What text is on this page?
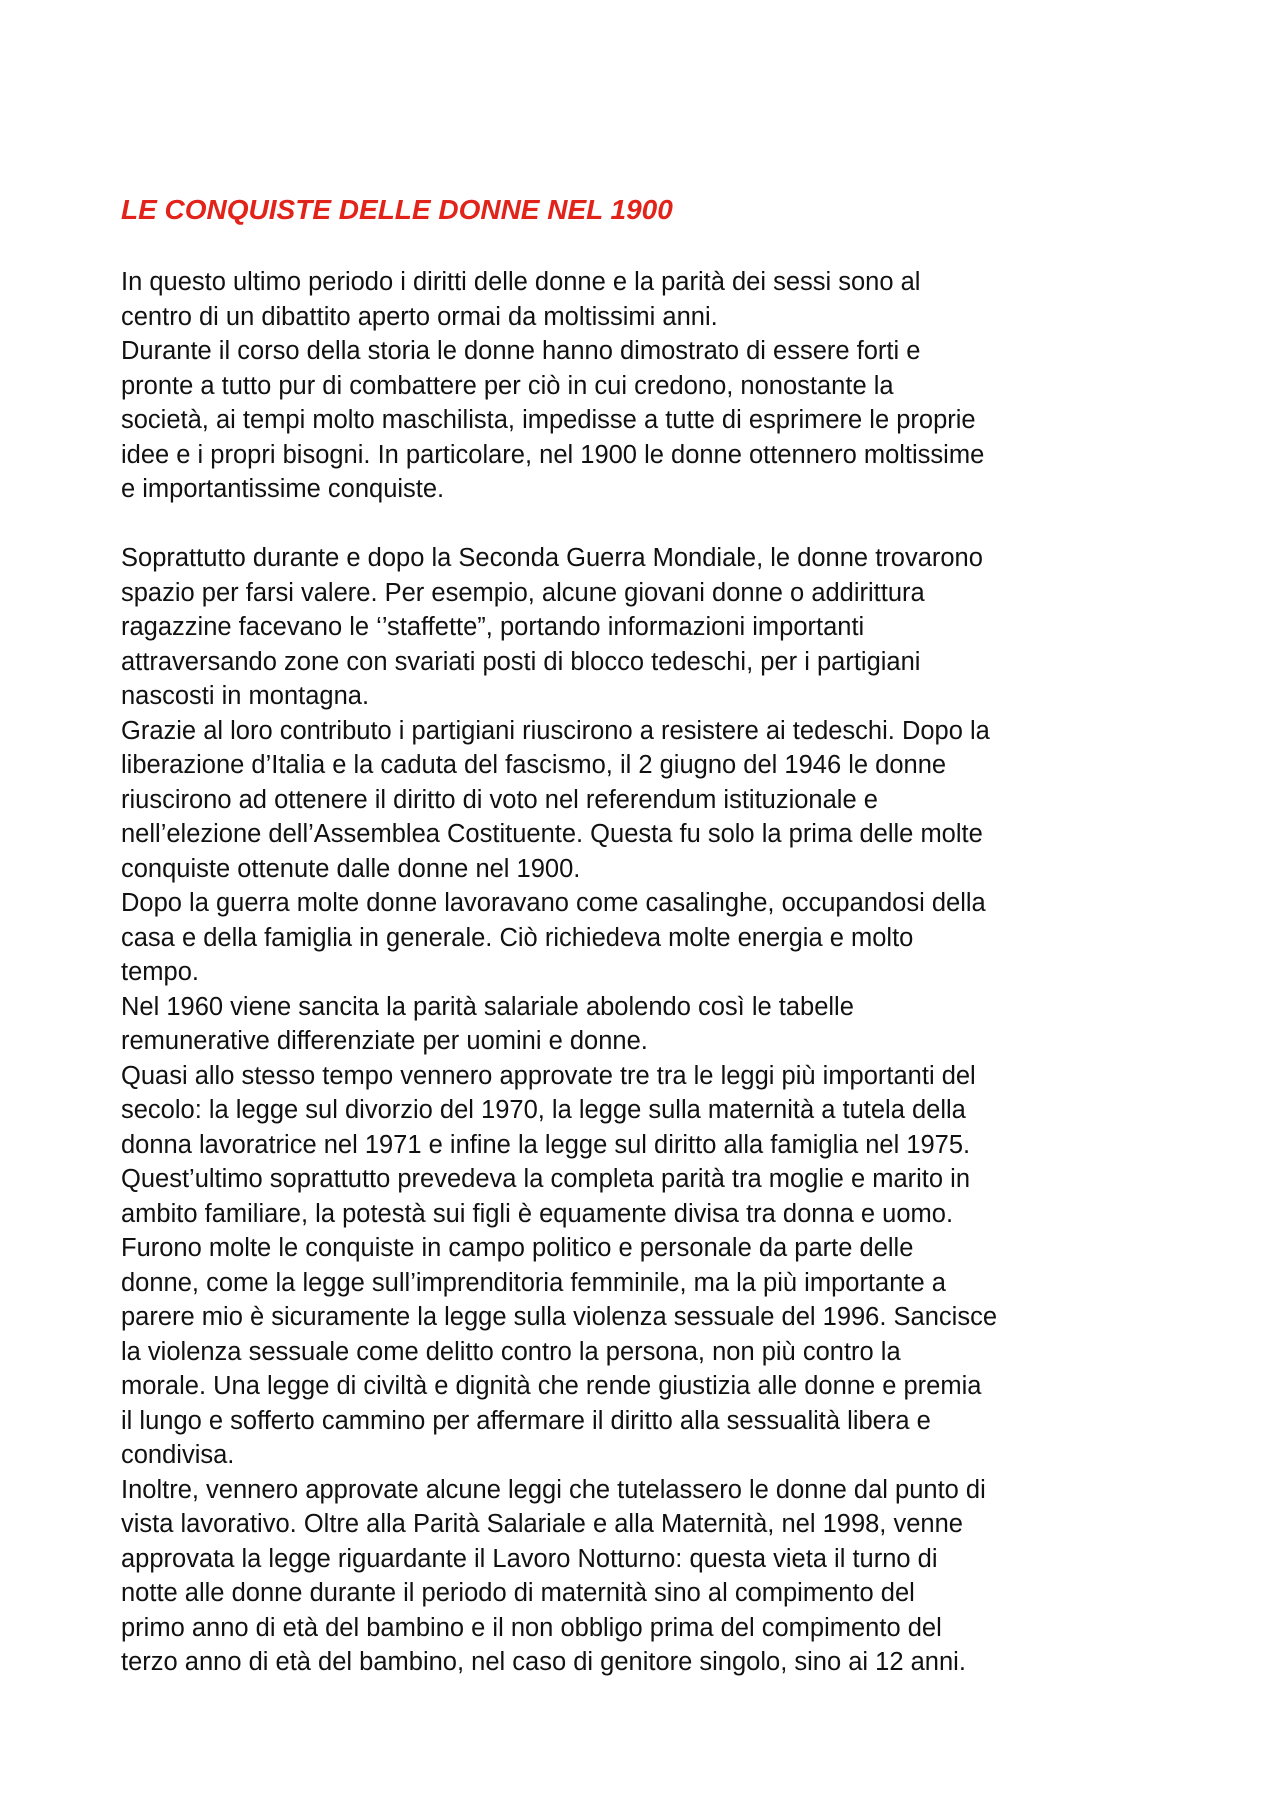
LE CONQUISTE DELLE DONNE NEL 1900
In questo ultimo periodo i diritti delle donne e la parità dei sessi sono al
centro di un dibattito aperto ormai da moltissimi anni.
Durante il corso della storia le donne hanno dimostrato di essere forti e
pronte a tutto pur di combattere per ciò in cui credono, nonostante la
società, ai tempi molto maschilista, impedisse a tutte di esprimere le proprie
idee e i propri bisogni. In particolare, nel 1900 le donne ottennero moltissime
e importantissime conquiste.
Soprattutto durante e dopo la Seconda Guerra Mondiale, le donne trovarono
spazio per farsi valere. Per esempio, alcune giovani donne o addirittura
ragazzine facevano le ‘’staffette”, portando informazioni importanti
attraversando zone con svariati posti di blocco tedeschi, per i partigiani
nascosti in montagna.
Grazie al loro contributo i partigiani riuscirono a resistere ai tedeschi. Dopo la
liberazione d’Italia e la caduta del fascismo, il 2 giugno del 1946 le donne
riuscirono ad ottenere il diritto di voto nel referendum istituzionale e
nell’elezione dell’Assemblea Costituente. Questa fu solo la prima delle molte
conquiste ottenute dalle donne nel 1900.
Dopo la guerra molte donne lavoravano come casalinghe, occupandosi della
casa e della famiglia in generale. Ciò richiedeva molte energia e molto
tempo.
Nel 1960 viene sancita la parità salariale abolendo così le tabelle
remunerative differenziate per uomini e donne.
Quasi allo stesso tempo vennero approvate tre tra le leggi più importanti del
secolo: la legge sul divorzio del 1970, la legge sulla maternità a tutela della
donna lavoratrice nel 1971 e infine la legge sul diritto alla famiglia nel 1975.
Quest’ultimo soprattutto prevedeva la completa parità tra moglie e marito in
ambito familiare, la potestà sui figli è equamente divisa tra donna e uomo.
Furono molte le conquiste in campo politico e personale da parte delle
donne, come la legge sull’imprenditoria femminile, ma la più importante a
parere mio è sicuramente la legge sulla violenza sessuale del 1996. Sancisce
la violenza sessuale come delitto contro la persona, non più contro la
morale. Una legge di civiltà e dignità che rende giustizia alle donne e premia
il lungo e sofferto cammino per affermare il diritto alla sessualità libera e
condivisa.
Inoltre, vennero approvate alcune leggi che tutelassero le donne dal punto di
vista lavorativo. Oltre alla Parità Salariale e alla Maternità, nel 1998, venne
approvata la legge riguardante il Lavoro Notturno: questa vieta il turno di
notte alle donne durante il periodo di maternità sino al compimento del
primo anno di età del bambino e il non obbligo prima del compimento del
terzo anno di età del bambino, nel caso di genitore singolo, sino ai 12 anni.
